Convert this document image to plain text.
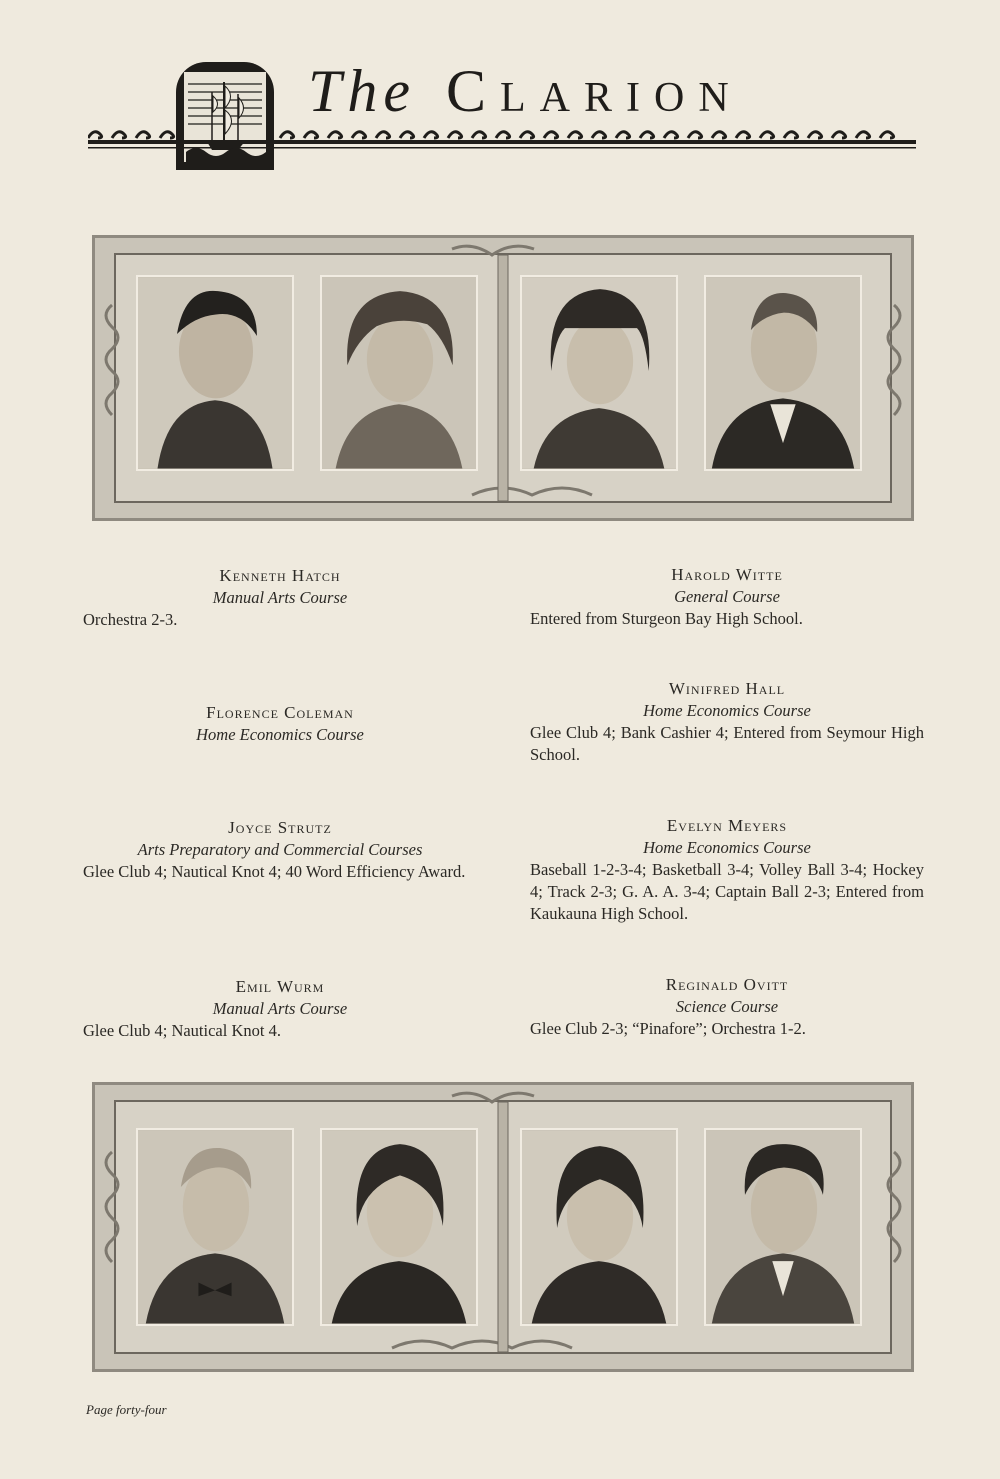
The Clarion
Kenneth Hatch
Manual Arts Course
Orchestra 2-3.
Harold Witte
General Course
Entered from Sturgeon Bay High School.
Florence Coleman
Home Economics Course
Winifred Hall
Home Economics Course
Glee Club 4; Bank Cashier 4; Entered from Seymour High School.
Joyce Strutz
Arts Preparatory and Commercial Courses
Glee Club 4; Nautical Knot 4; 40 Word Efficiency Award.
Evelyn Meyers
Home Economics Course
Baseball 1-2-3-4; Basketball 3-4; Volley Ball 3-4; Hockey 4; Track 2-3; G. A. A. 3-4; Captain Ball 2-3; Entered from Kaukauna High School.
Emil Wurm
Manual Arts Course
Glee Club 4; Nautical Knot 4.
Reginald Ovitt
Science Course
Glee Club 2-3; “Pinafore”; Orchestra 1-2.
Page forty-four
